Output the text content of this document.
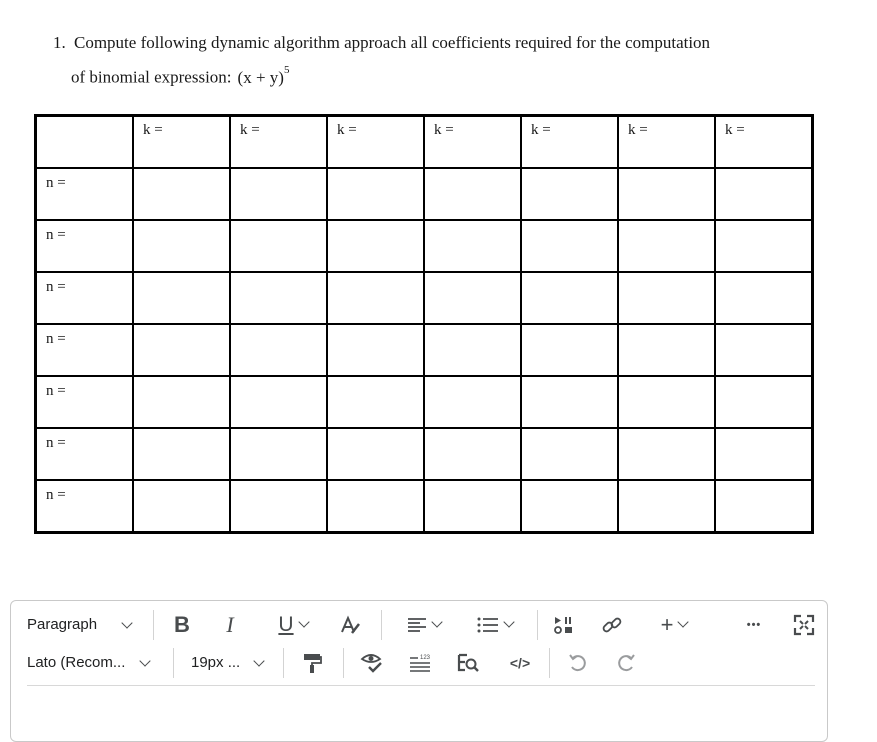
1. Compute following dynamic algorithm approach all coefficients required for the computation
of binomial expression: $(x + y)^5$

	k =	k =	k =	k =	k =	k =	k =

n =							

n =							

n =							

n =							

n =							

n =							

n =							

Paragraph	B	I	U	+	•••
Lato (Recom...	19px ...	123	</>
